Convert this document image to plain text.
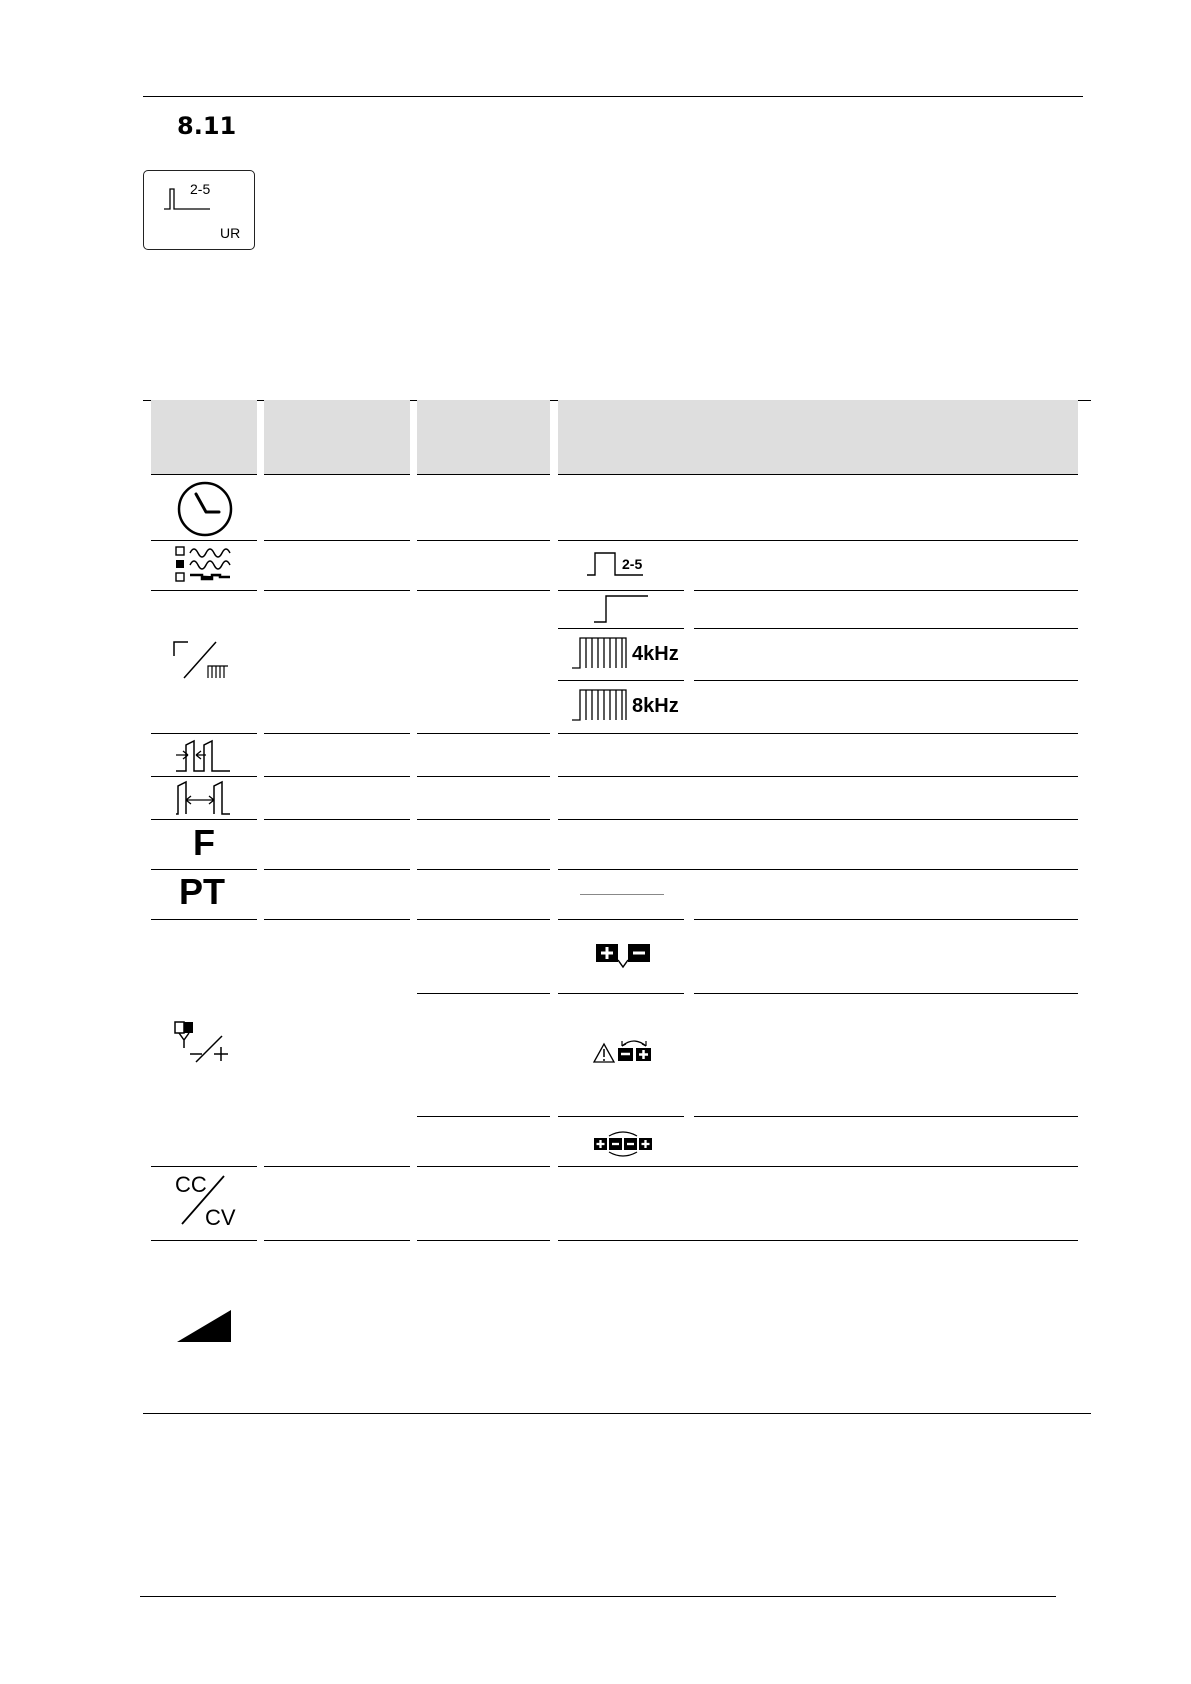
8.11
2-5
UR
2-5
4kHz
8kHz
F
PT
CC
CV
